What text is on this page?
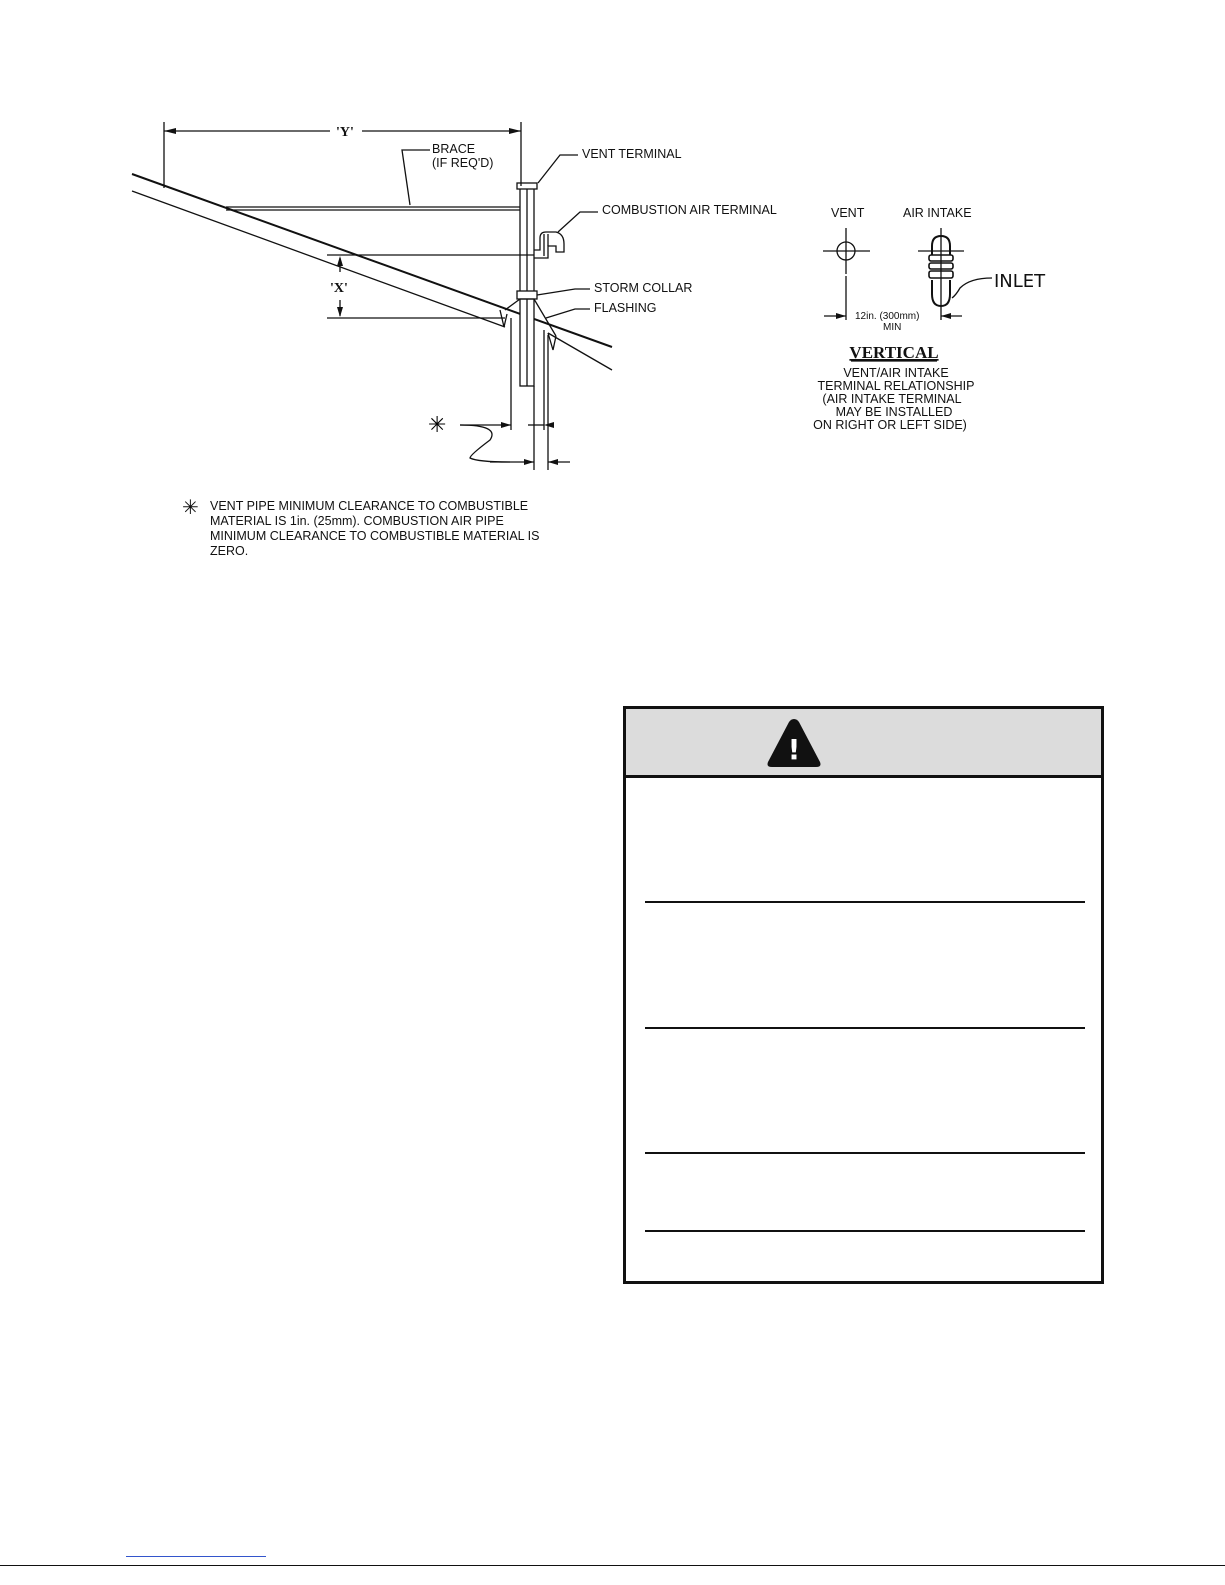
'Y'
'X'
BRACE
(IF REQ'D)
VENT TERMINAL
COMBUSTION AIR TERMINAL
STORM COLLAR
FLASHING
✳
VENT	AIR INTAKE
INLET
12in. (300mm)
MIN
VERTICAL
VENT/AIR INTAKE
TERMINAL RELATIONSHIP
(AIR INTAKE TERMINAL
MAY BE INSTALLED
ON RIGHT OR LEFT SIDE)
✳ VENT PIPE MINIMUM CLEARANCE TO COMBUSTIBLE
MATERIAL IS 1in. (25mm). COMBUSTION AIR PIPE
MINIMUM CLEARANCE TO COMBUSTIBLE MATERIAL IS
ZERO.
!
